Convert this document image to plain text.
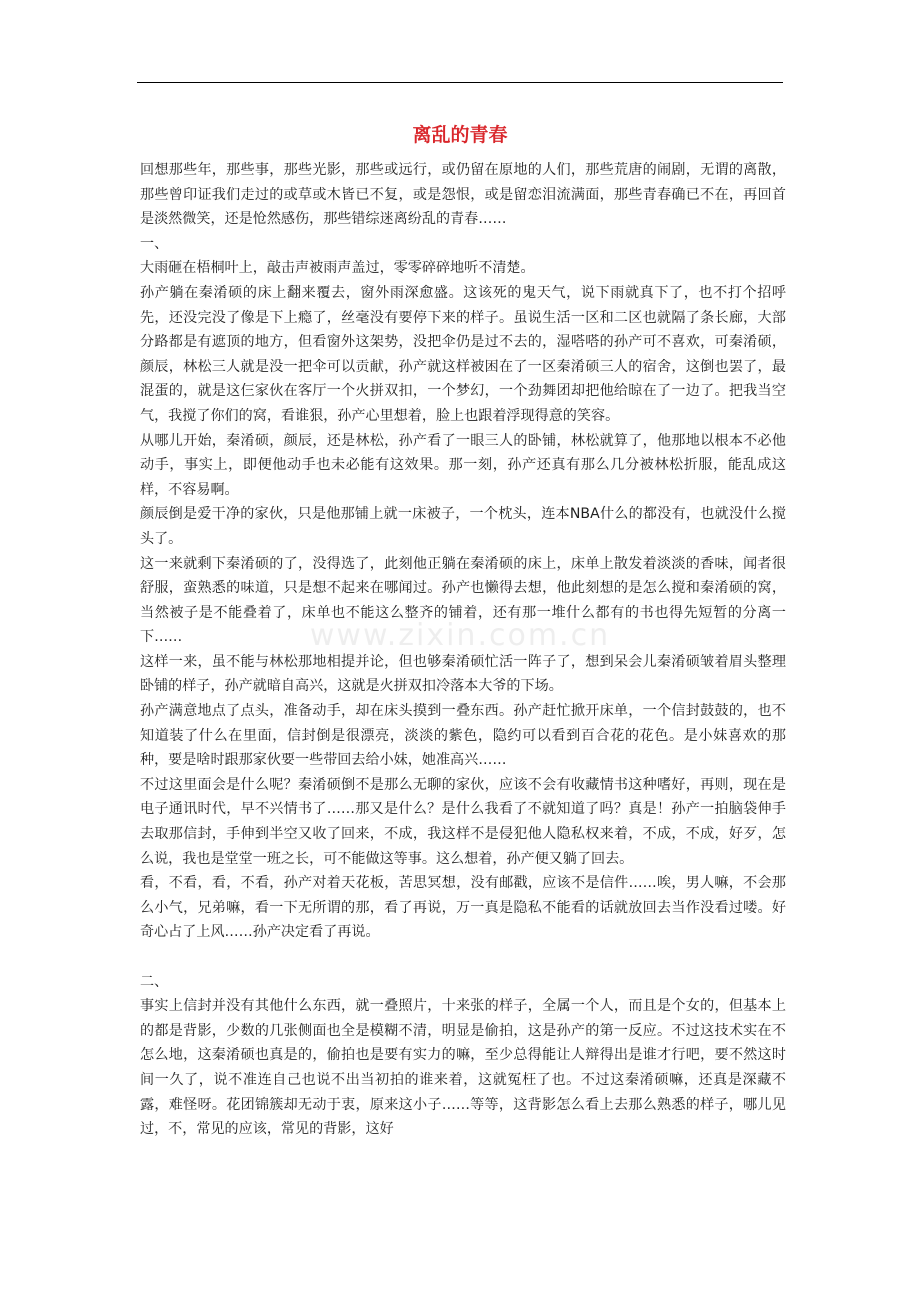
离乱的青春

回想那些年，那些事，那些光影，那些或远行，或仍留在原地的人们，那些荒唐的闹剧，无谓的离散，那些曾印证我们走过的或草或木皆已不复，或是怨恨，或是留恋泪流满面，那些青春确已不在，再回首是淡然微笑，还是怆然感伤，那些错综迷离纷乱的青春……

一、

大雨砸在梧桐叶上，敲击声被雨声盖过，零零碎碎地听不清楚。

孙产躺在秦淆硕的床上翻来覆去，窗外雨深愈盛。这该死的鬼天气，说下雨就真下了，也不打个招呼先，还没完没了像是下上瘾了，丝毫没有要停下来的样子。虽说生活一区和二区也就隔了条长廊，大部分路都是有遮顶的地方，但看窗外这架势，没把伞仍是过不去的，湿嗒嗒的孙产可不喜欢，可秦淆硕，颜辰，林松三人就是没一把伞可以贡献，孙产就这样被困在了一区秦淆硕三人的宿舍，这倒也罢了，最混蛋的，就是这仨家伙在客厅一个火拼双扣，一个梦幻，一个劲舞团却把他给晾在了一边了。把我当空气，我搅了你们的窝，看谁狠，孙产心里想着，脸上也跟着浮现得意的笑容。

从哪儿开始，秦淆硕，颜辰，还是林松，孙产看了一眼三人的卧铺，林松就算了，他那地以根本不必他动手，事实上，即便他动手也未必能有这效果。那一刻，孙产还真有那么几分被林松折服，能乱成这样，不容易啊。

颜辰倒是爱干净的家伙，只是他那铺上就一床被子，一个枕头，连本NBA什么的都没有，也就没什么搅头了。

这一来就剩下秦淆硕的了，没得选了，此刻他正躺在秦淆硕的床上，床单上散发着淡淡的香味，闻者很舒服，蛮熟悉的味道，只是想不起来在哪闻过。孙产也懒得去想，他此刻想的是怎么搅和秦淆硕的窝，当然被子是不能叠着了，床单也不能这么整齐的铺着，还有那一堆什么都有的书也得先短暂的分离一下……

这样一来，虽不能与林松那地相提并论，但也够秦淆硕忙活一阵子了，想到呆会儿秦淆硕皱着眉头整理卧铺的样子，孙产就暗自高兴，这就是火拼双扣冷落本大爷的下场。

孙产满意地点了点头，准备动手，却在床头摸到一叠东西。孙产赶忙掀开床单，一个信封鼓鼓的，也不知道装了什么在里面，信封倒是很漂亮，淡淡的紫色，隐约可以看到百合花的花色。是小妹喜欢的那种，要是啥时跟那家伙要一些带回去给小妹，她准高兴……

不过这里面会是什么呢？秦淆硕倒不是那么无聊的家伙，应该不会有收藏情书这种嗜好，再则，现在是电子通讯时代，早不兴情书了……那又是什么？是什么我看了不就知道了吗？真是！孙产一拍脑袋伸手去取那信封，手伸到半空又收了回来，不成，我这样不是侵犯他人隐私权来着，不成，不成，好歹，怎么说，我也是堂堂一班之长，可不能做这等事。这么想着，孙产便又躺了回去。

看，不看，看，不看，孙产对着天花板，苦思冥想，没有邮戳，应该不是信件……唉，男人嘛，不会那么小气，兄弟嘛，看一下无所谓的那，看了再说，万一真是隐私不能看的话就放回去当作没看过喽。好奇心占了上风……孙产决定看了再说。

二、

事实上信封并没有其他什么东西，就一叠照片，十来张的样子，全属一个人，而且是个女的，但基本上的都是背影，少数的几张侧面也全是模糊不清，明显是偷拍，这是孙产的第一反应。不过这技术实在不怎么地，这秦淆硕也真是的，偷拍也是要有实力的嘛，至少总得能让人辩得出是谁才行吧，要不然这时间一久了，说不准连自己也说不出当初拍的谁来着，这就冤枉了也。不过这秦淆硕嘛，还真是深藏不露，难怪呀。花团锦簇却无动于衷，原来这小子……等等，这背影怎么看上去那么熟悉的样子，哪儿见过，不，常见的应该，常见的背影，这好

www.zixin.com.cn
